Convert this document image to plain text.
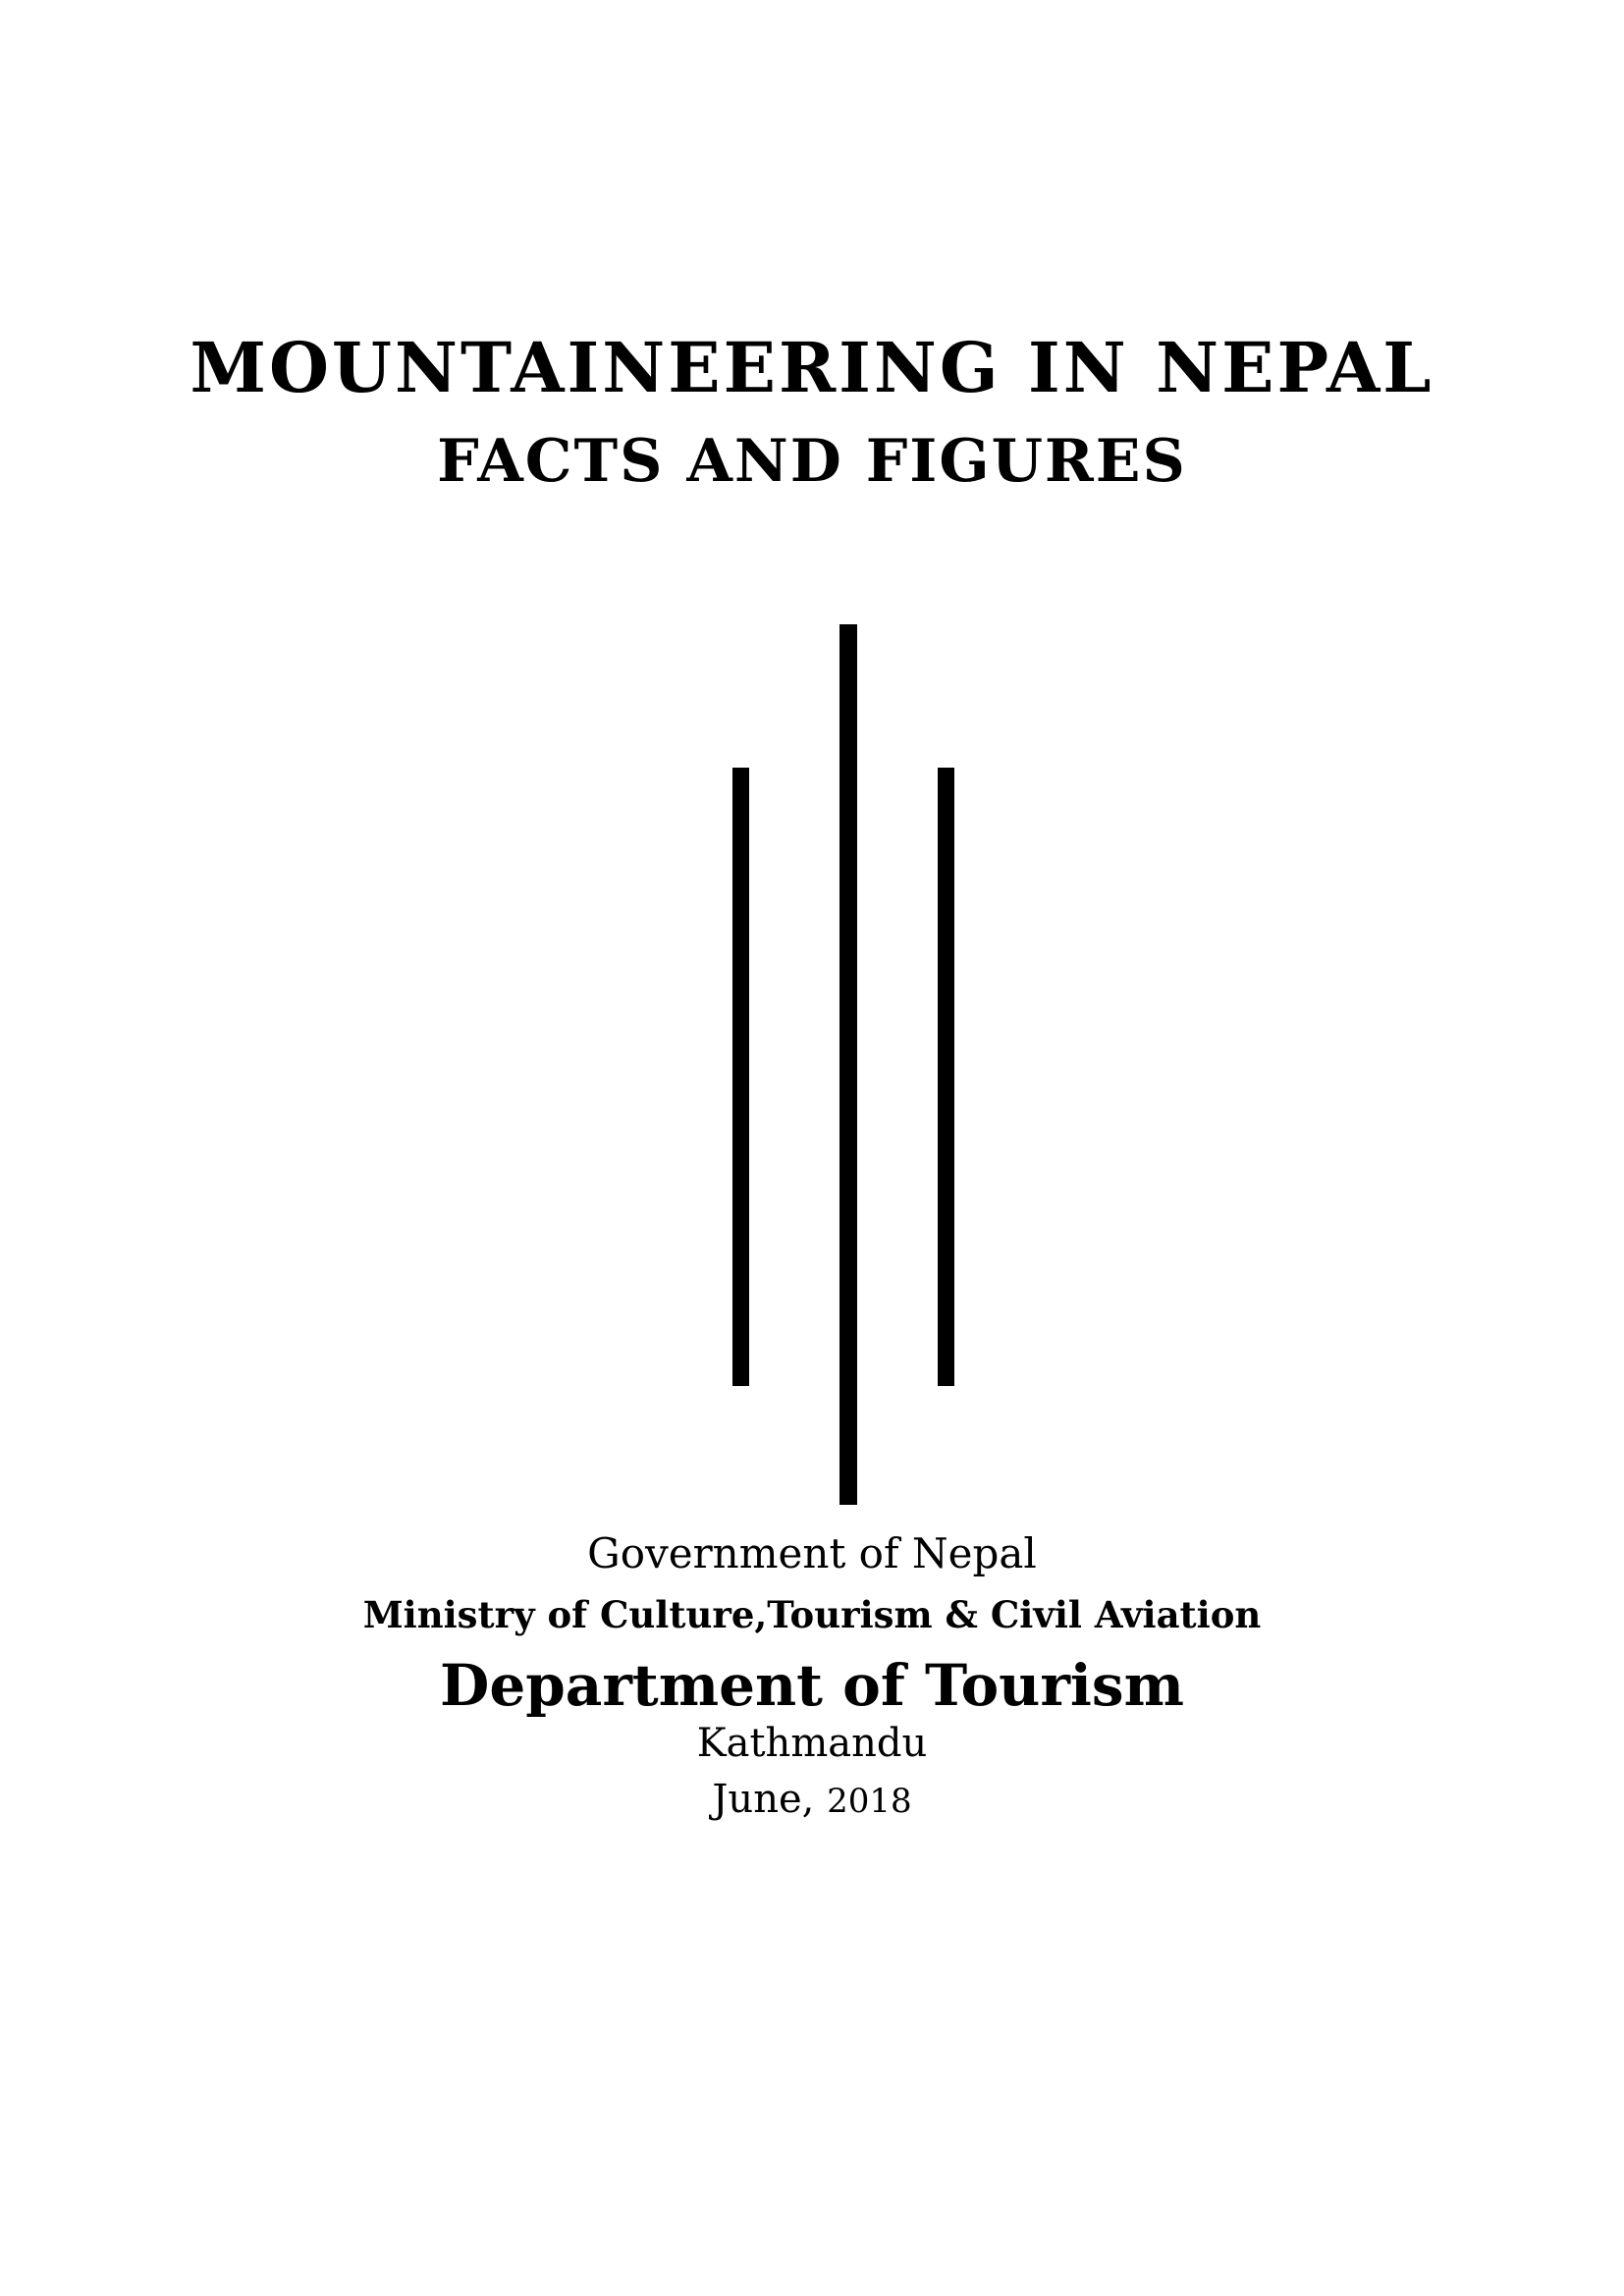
MOUNTAINEERING IN NEPAL
FACTS AND FIGURES
Government of Nepal
Ministry of Culture,Tourism & Civil Aviation
Department of Tourism
Kathmandu
June, 2018
